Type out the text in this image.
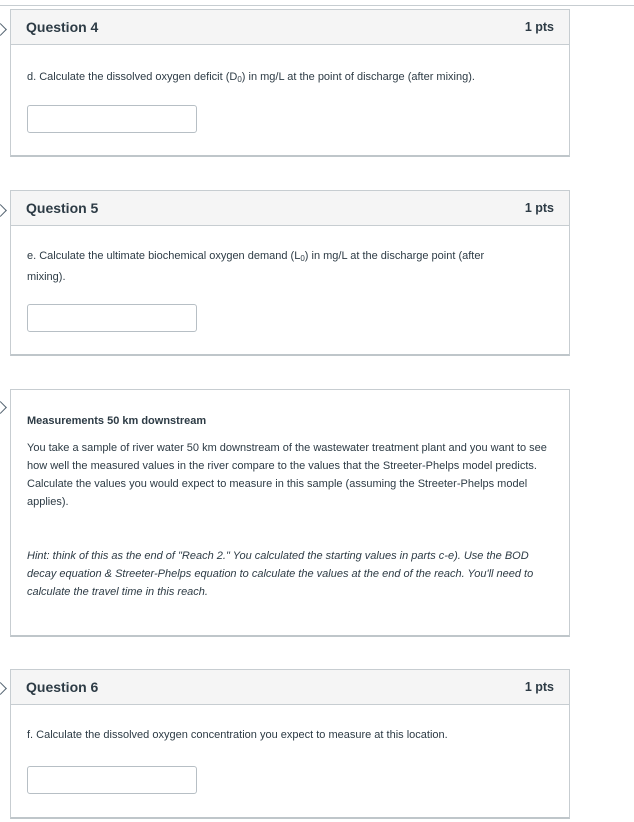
Question 4	1 pts
d. Calculate the dissolved oxygen deficit $(D_0)$ in mg/L at the point of discharge (after mixing).
Question 5	1 pts
e. Calculate the ultimate biochemical oxygen demand $(L_0)$ in mg/L at the discharge point (after mixing).
Measurements 50 km downstream
You take a sample of river water 50 km downstream of the wastewater treatment plant and you want to see how well the measured values in the river compare to the values that the Streeter-Phelps model predicts. Calculate the values you would expect to measure in this sample (assuming the Streeter-Phelps model applies).
Hint: think of this as the end of "Reach 2." You calculated the starting values in parts c-e). Use the BOD decay equation & Streeter-Phelps equation to calculate the values at the end of the reach. You'll need to calculate the travel time in this reach.
Question 6	1 pts
f. Calculate the dissolved oxygen concentration you expect to measure at this location.
